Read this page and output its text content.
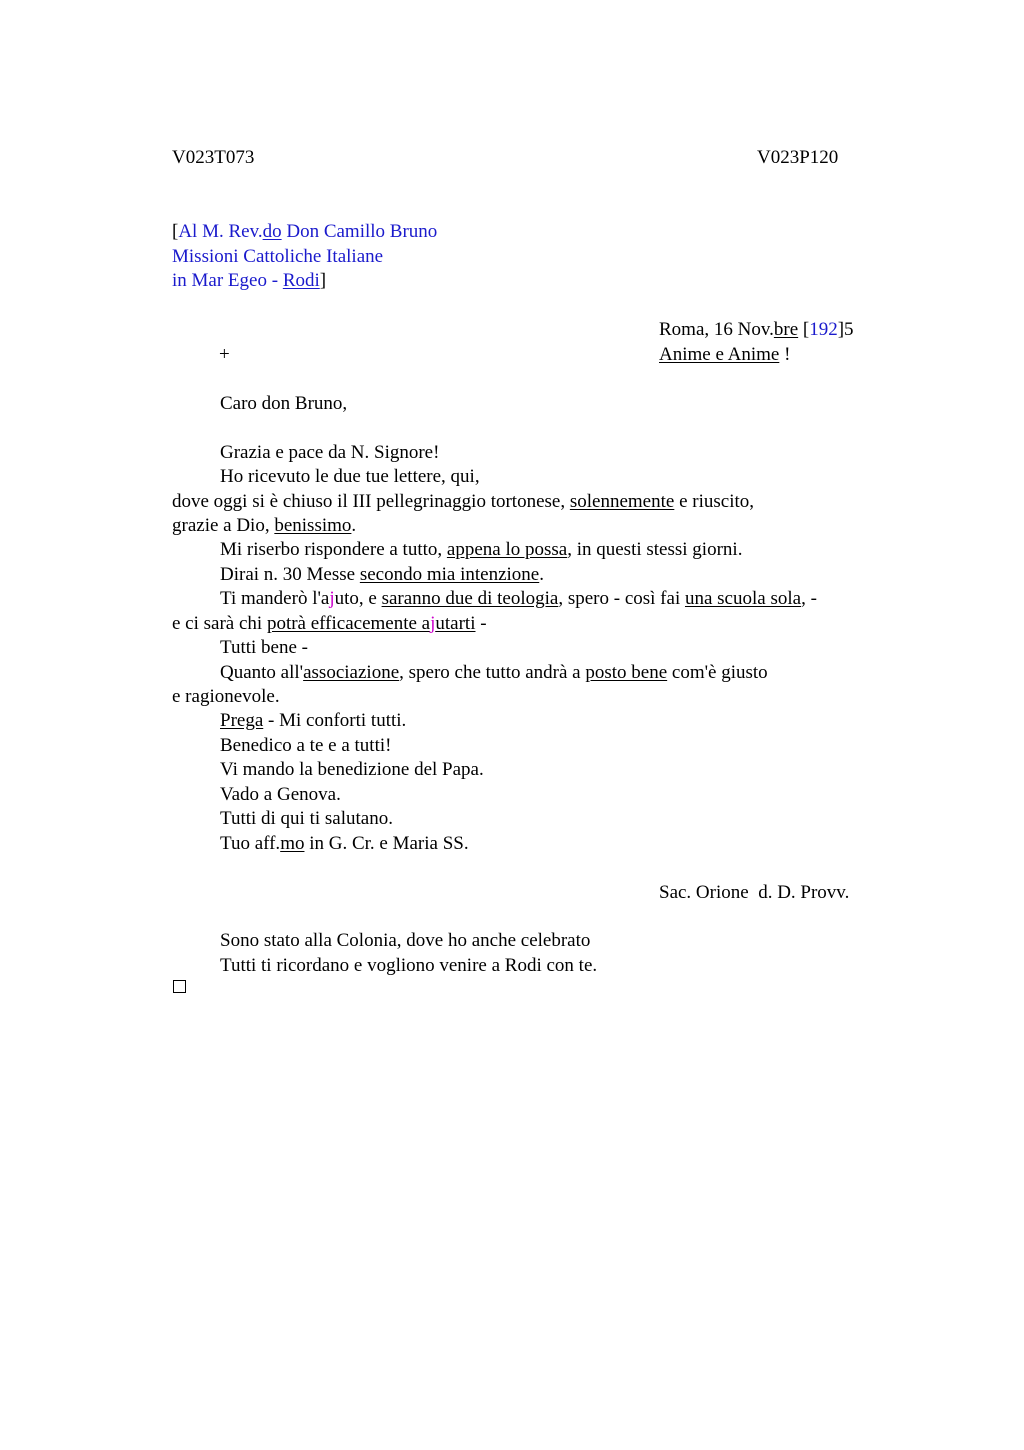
V023T073	V023P120
[Al M. Rev.do Don Camillo Bruno
Missioni Cattoliche Italiane
in Mar Egeo - Rodi]
Roma, 16 Nov.bre [192]5
+	Anime e Anime !
Caro don Bruno,
Grazia e pace da N. Signore!
Ho ricevuto le due tue lettere, qui,
dove oggi si è chiuso il III pellegrinaggio tortonese, solennemente e riuscito,
grazie a Dio, benissimo.
Mi riserbo rispondere a tutto, appena lo possa, in questi stessi giorni.
Dirai n. 30 Messe secondo mia intenzione.
Ti manderò l'ajuto, e saranno due di teologia, spero - così fai una scuola sola, -
e ci sarà chi potrà efficacemente ajutarti -
Tutti bene -
Quanto all'associazione, spero che tutto andrà a posto bene com'è giusto
e ragionevole.
Prega - Mi conforti tutti.
Benedico a te e a tutti!
Vi mando la benedizione del Papa.
Vado a Genova.
Tutti di qui ti salutano.
Tuo aff.mo in G. Cr. e Maria SS.
Sac. Orione  d. D. Provv.
Sono stato alla Colonia, dove ho anche celebrato
Tutti ti ricordano e vogliono venire a Rodi con te.
